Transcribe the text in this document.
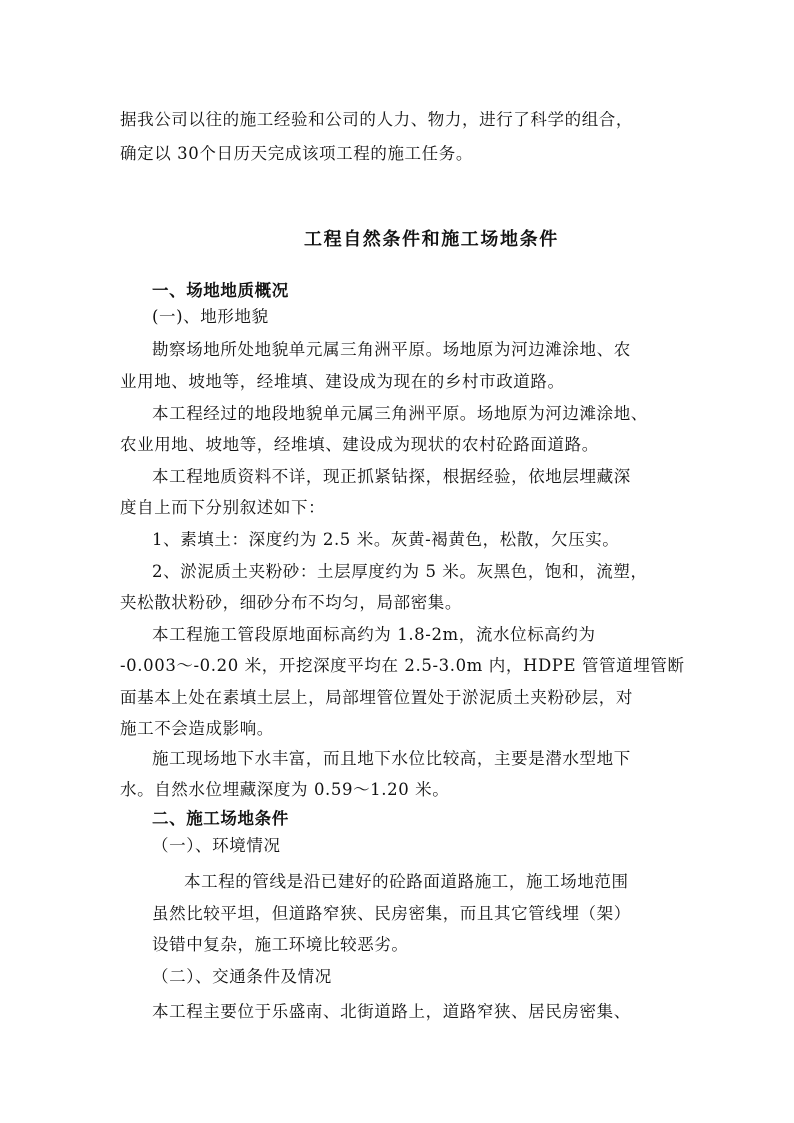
据我公司以往的施工经验和公司的人力、物力，进行了科学的组合，

确定以 30个日历天完成该项工程的施工任务。

工程自然条件和施工场地条件

一、场地地质概况

(一)、地形地貌

勘察场地所处地貌单元属三角洲平原。场地原为河边滩涂地、农

业用地、坡地等，经堆填、建设成为现在的乡村市政道路。

本工程经过的地段地貌单元属三角洲平原。场地原为河边滩涂地、

农业用地、坡地等，经堆填、建设成为现状的农村砼路面道路。

本工程地质资料不详，现正抓紧钻探，根据经验，依地层埋藏深

度自上而下分别叙述如下：

1、素填土：深度约为 2.5 米。灰黄-褐黄色，松散，欠压实。

2、淤泥质土夹粉砂：土层厚度约为 5 米。灰黑色，饱和，流塑，

夹松散状粉砂，细砂分布不均匀，局部密集。

本工程施工管段原地面标高约为 1.8-2m，流水位标高约为

-0.003～-0.20 米，开挖深度平均在 2.5-3.0m 内，HDPE 管管道埋管断

面基本上处在素填土层上，局部埋管位置处于淤泥质土夹粉砂层，对

施工不会造成影响。

施工现场地下水丰富，而且地下水位比较高，主要是潜水型地下

水。自然水位埋藏深度为 0.59～1.20 米。

二、施工场地条件

（一）、环境情况

本工程的管线是沿已建好的砼路面道路施工，施工场地范围

虽然比较平坦，但道路窄狭、民房密集，而且其它管线埋（架）

设错中复杂，施工环境比较恶劣。

（二）、交通条件及情况

本工程主要位于乐盛南、北街道路上，道路窄狭、居民房密集、
